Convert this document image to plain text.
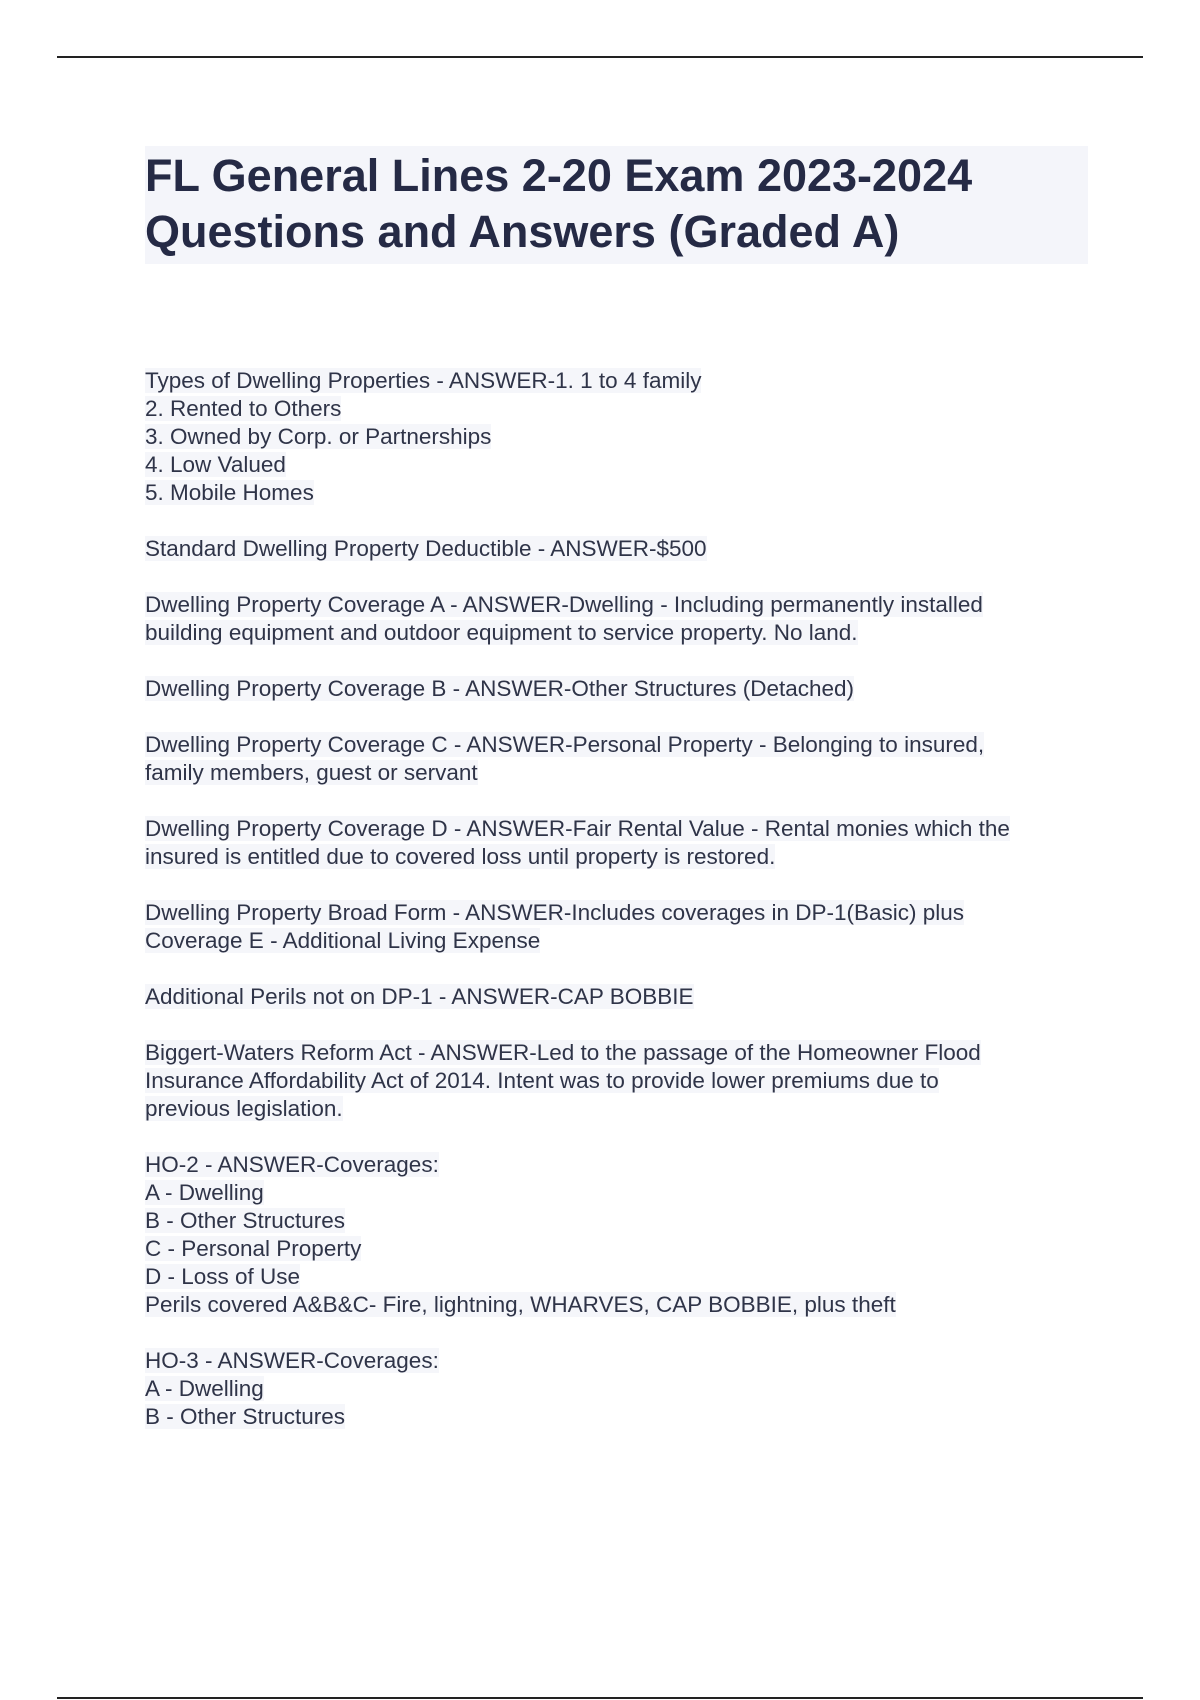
FL General Lines 2-20 Exam 2023-2024
Questions and Answers (Graded A)

Types of Dwelling Properties - ANSWER-1. 1 to 4 family
2. Rented to Others
3. Owned by Corp. or Partnerships
4. Low Valued
5. Mobile Homes

Standard Dwelling Property Deductible - ANSWER-$500

Dwelling Property Coverage A - ANSWER-Dwelling - Including permanently installed
building equipment and outdoor equipment to service property. No land.

Dwelling Property Coverage B - ANSWER-Other Structures (Detached)

Dwelling Property Coverage C - ANSWER-Personal Property - Belonging to insured,
family members, guest or servant

Dwelling Property Coverage D - ANSWER-Fair Rental Value - Rental monies which the
insured is entitled due to covered loss until property is restored.

Dwelling Property Broad Form - ANSWER-Includes coverages in DP-1(Basic) plus
Coverage E - Additional Living Expense

Additional Perils not on DP-1 - ANSWER-CAP BOBBIE

Biggert-Waters Reform Act - ANSWER-Led to the passage of the Homeowner Flood
Insurance Affordability Act of 2014. Intent was to provide lower premiums due to
previous legislation.

HO-2 - ANSWER-Coverages:
A - Dwelling
B - Other Structures
C - Personal Property
D - Loss of Use
Perils covered A&B&C- Fire, lightning, WHARVES, CAP BOBBIE, plus theft

HO-3 - ANSWER-Coverages:
A - Dwelling
B - Other Structures
